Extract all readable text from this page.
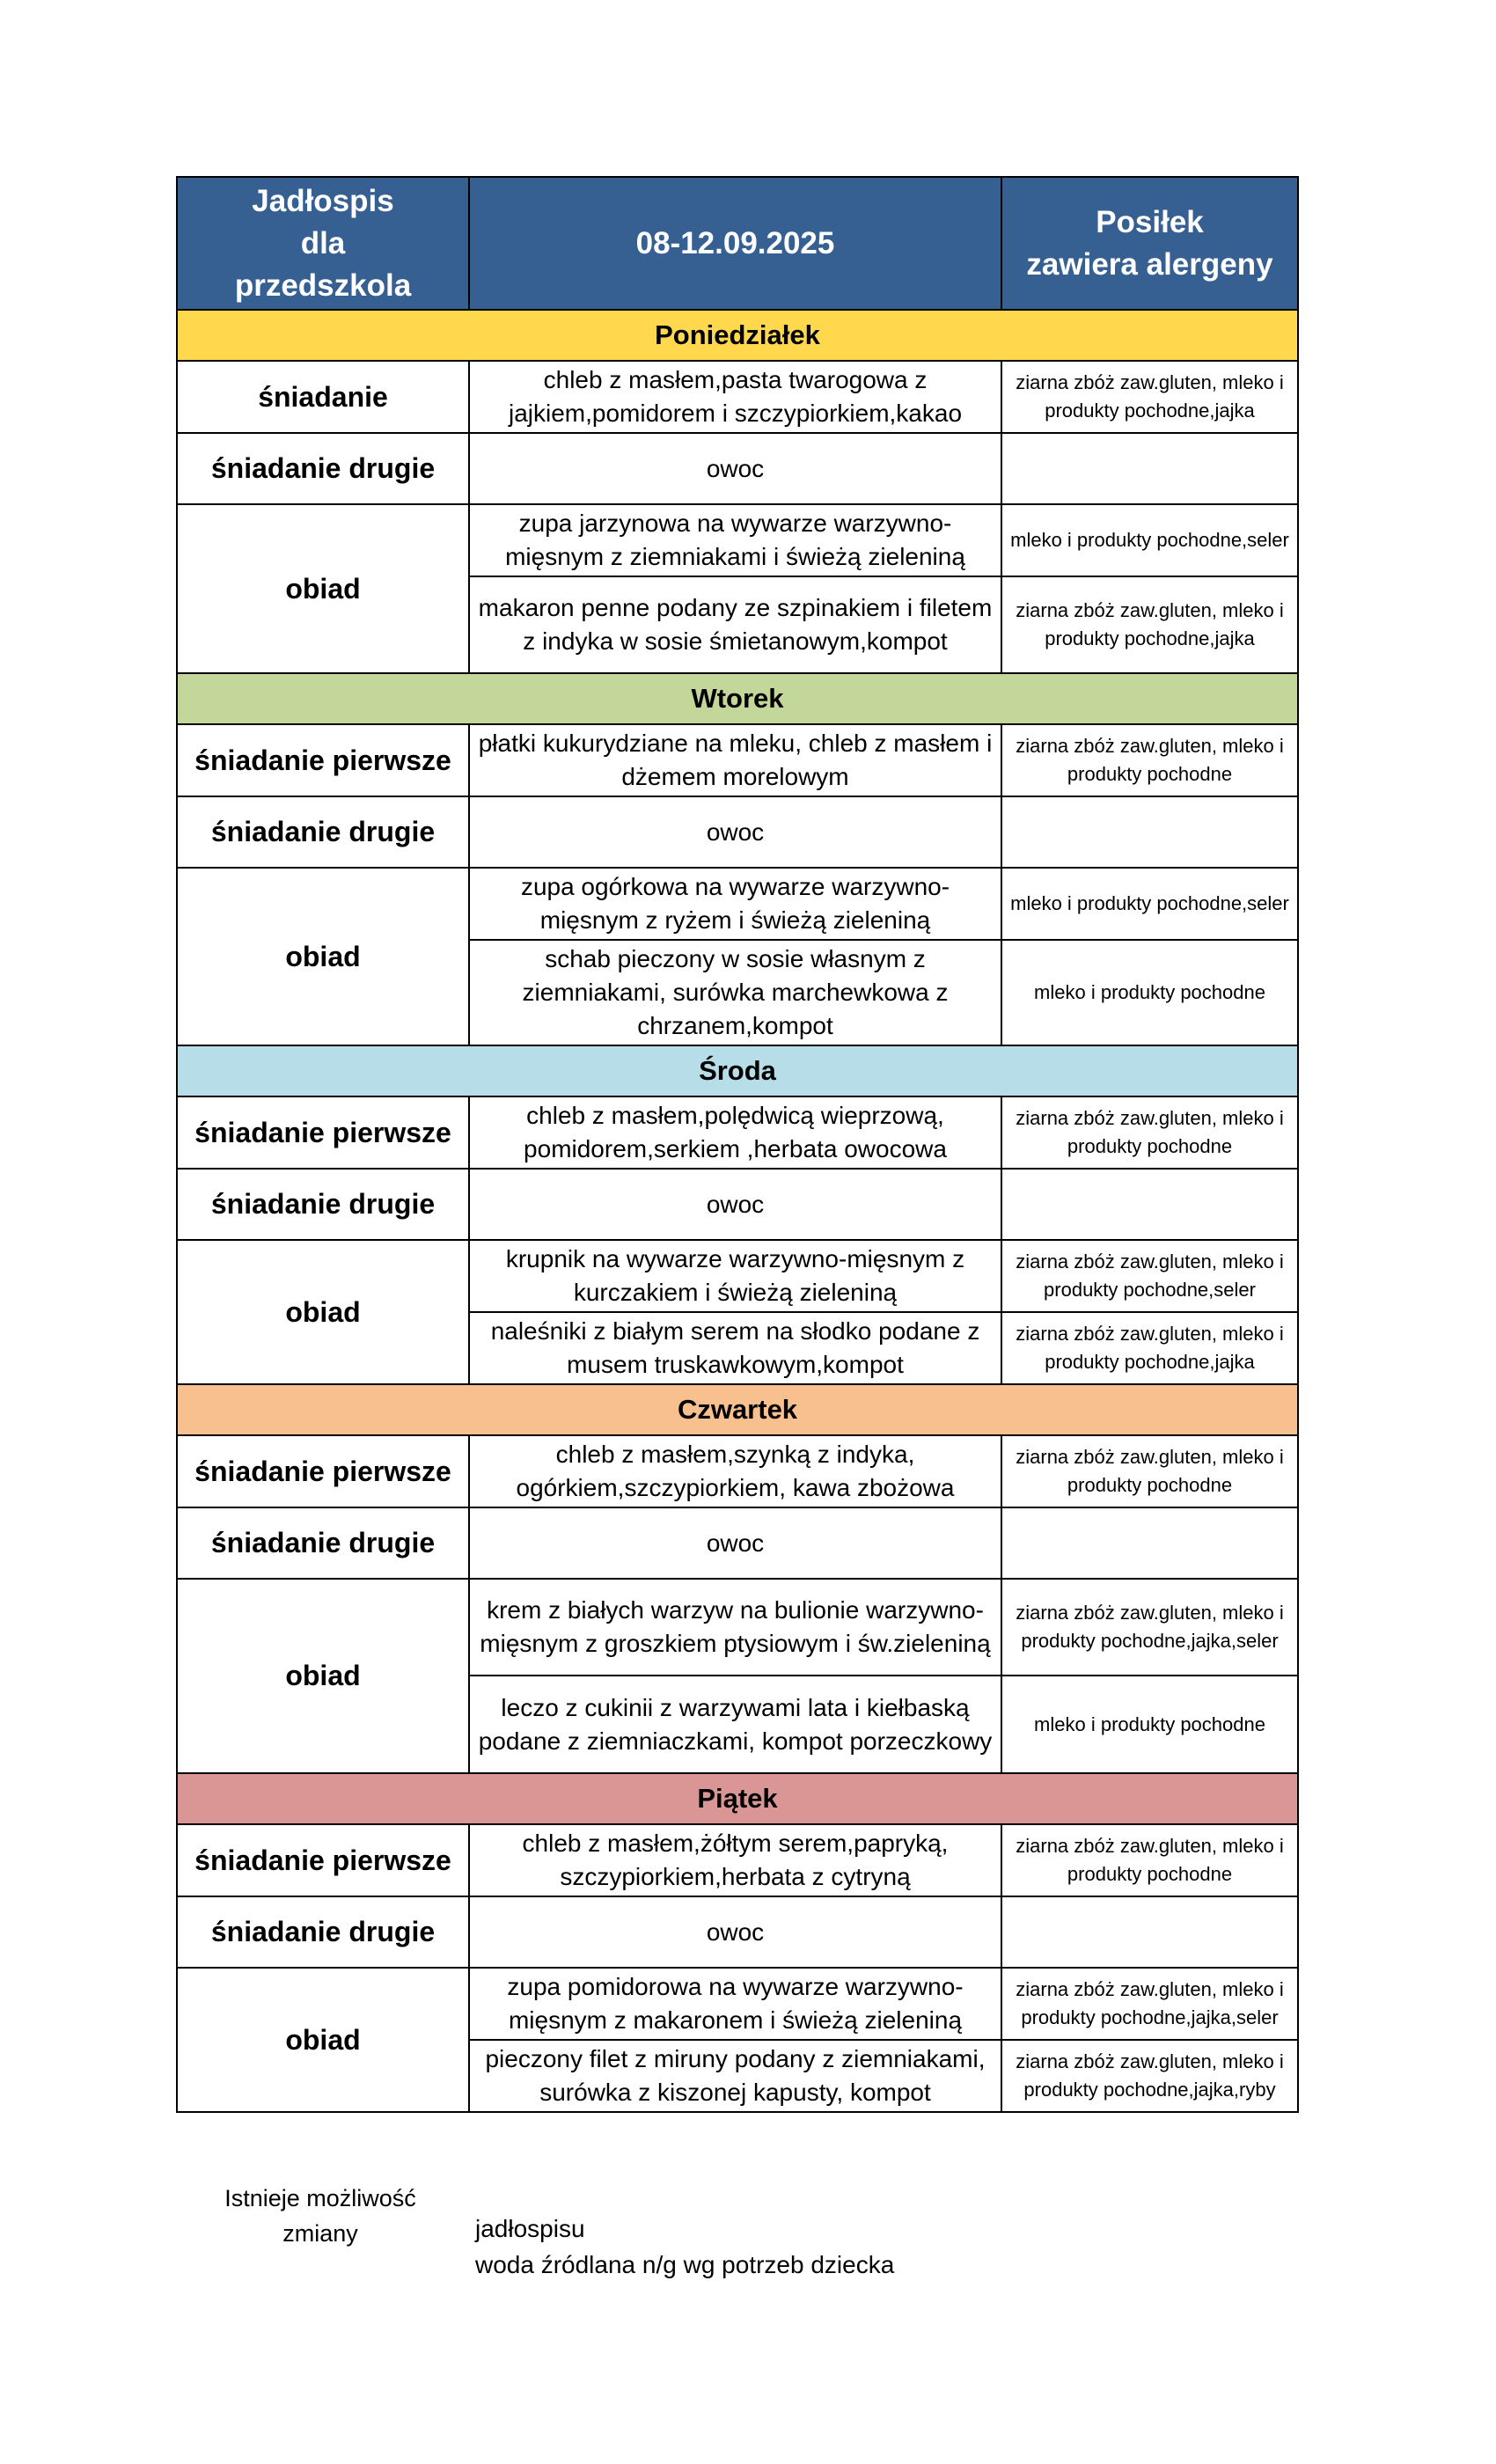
Jadłospis
dla
przedszkola	08-12.09.2025	Posiłek
zawiera alergeny
Poniedziałek		
śniadanie	chleb z masłem,pasta twarogowa z jajkiem,pomidorem i szczypiorkiem,kakao	ziarna zbóż zaw.gluten, mleko i produkty pochodne,jajka
śniadanie drugie	owoc	
obiad	zupa jarzynowa na wywarze warzywno-mięsnym z ziemniakami i świeżą zieleniną	mleko i produkty pochodne,seler
	makaron penne podany ze szpinakiem i filetem z indyka w sosie śmietanowym,kompot	ziarna zbóż zaw.gluten, mleko i produkty pochodne,jajka
Wtorek		
śniadanie pierwsze	płatki kukurydziane na mleku, chleb z masłem i dżemem morelowym	ziarna zbóż zaw.gluten, mleko i produkty pochodne
śniadanie drugie	owoc	
obiad	zupa ogórkowa na wywarze warzywno-mięsnym z ryżem i świeżą zieleniną	mleko i produkty pochodne,seler
	schab pieczony w sosie własnym z ziemniakami, surówka marchewkowa z chrzanem,kompot	mleko i produkty pochodne
Środa		
śniadanie pierwsze	chleb z masłem,polędwicą wieprzową, pomidorem,serkiem ,herbata owocowa	ziarna zbóż zaw.gluten, mleko i produkty pochodne
śniadanie drugie	owoc	
obiad	krupnik na wywarze warzywno-mięsnym z kurczakiem i świeżą zieleniną	ziarna zbóż zaw.gluten, mleko i produkty pochodne,seler
	naleśniki z białym serem na słodko podane z musem truskawkowym,kompot	ziarna zbóż zaw.gluten, mleko i produkty pochodne,jajka
Czwartek		
śniadanie pierwsze	chleb z masłem,szynką z indyka, ogórkiem,szczypiorkiem, kawa zbożowa	ziarna zbóż zaw.gluten, mleko i produkty pochodne
śniadanie drugie	owoc	
obiad	krem z białych warzyw na bulionie warzywno-mięsnym z groszkiem ptysiowym i św.zieleniną	ziarna zbóż zaw.gluten, mleko i produkty pochodne,jajka,seler
	leczo z cukinii z warzywami lata i kiełbaską podane z ziemniaczkami, kompot porzeczkowy	mleko i produkty pochodne
Piątek		
śniadanie pierwsze	chleb z masłem,żółtym serem,papryką, szczypiorkiem,herbata z cytryną	ziarna zbóż zaw.gluten, mleko i produkty pochodne
śniadanie drugie	owoc	
obiad	zupa pomidorowa na wywarze warzywno-mięsnym z makaronem i świeżą zieleniną	ziarna zbóż zaw.gluten, mleko i produkty pochodne,jajka,seler
	pieczony filet z miruny podany z ziemniakami, surówka z kiszonej kapusty, kompot	ziarna zbóż zaw.gluten, mleko i produkty pochodne,jajka,ryby
Istnieje możliwość
zmiany	jadłospisu
woda źródlana n/g wg potrzeb dziecka
